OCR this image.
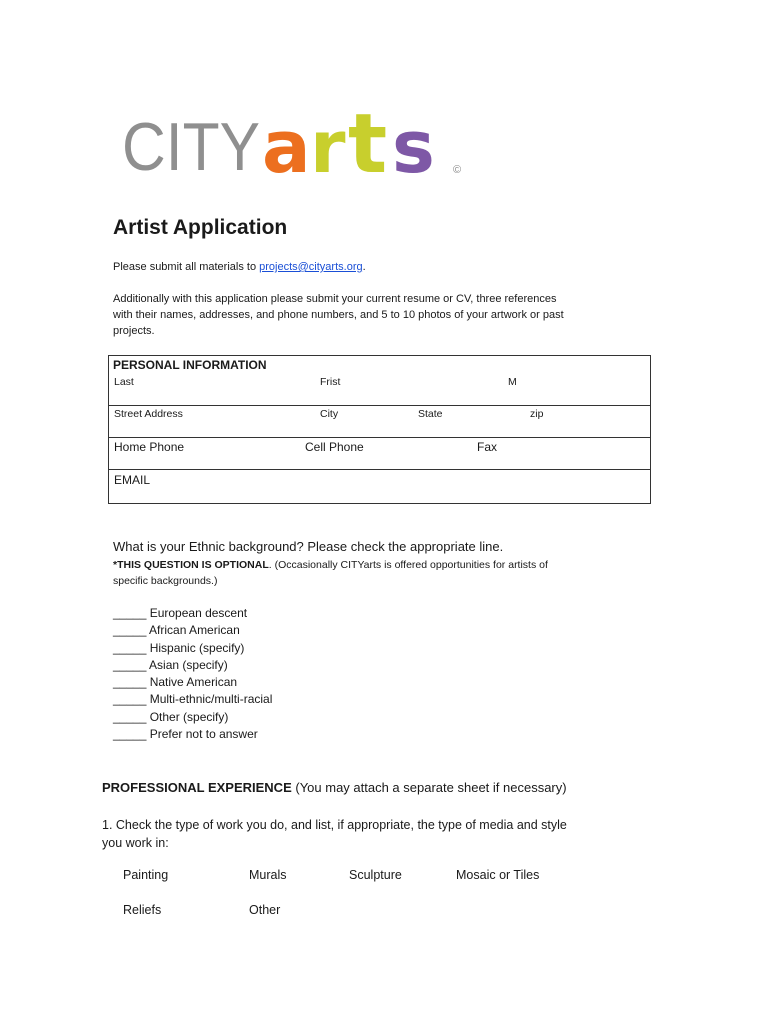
CITY a r t s ©
Artist Application

Please submit all materials to projects@cityarts.org.

Additionally with this application please submit your current resume or CV, three references with their names, addresses, and phone numbers, and 5 to 10 photos of your artwork or past projects.

PERSONAL INFORMATION
Last	Frist	M
Street Address	City	State	zip
Home Phone	Cell Phone	Fax
EMAIL
What is your Ethnic background? Please check the appropriate line.
*THIS QUESTION IS OPTIONAL. (Occasionally CITYarts is offered opportunities for artists of specific backgrounds.)
_____ European descent
_____ African American
_____ Hispanic (specify)
_____ Asian (specify)
_____ Native American
_____ Multi-ethnic/multi-racial
_____ Other (specify)
_____ Prefer not to answer
PROFESSIONAL EXPERIENCE (You may attach a separate sheet if necessary)
1. Check the type of work you do, and list, if appropriate, the type of media and style you work in:
Painting	Murals	Sculpture	Mosaic or Tiles
Reliefs	Other
